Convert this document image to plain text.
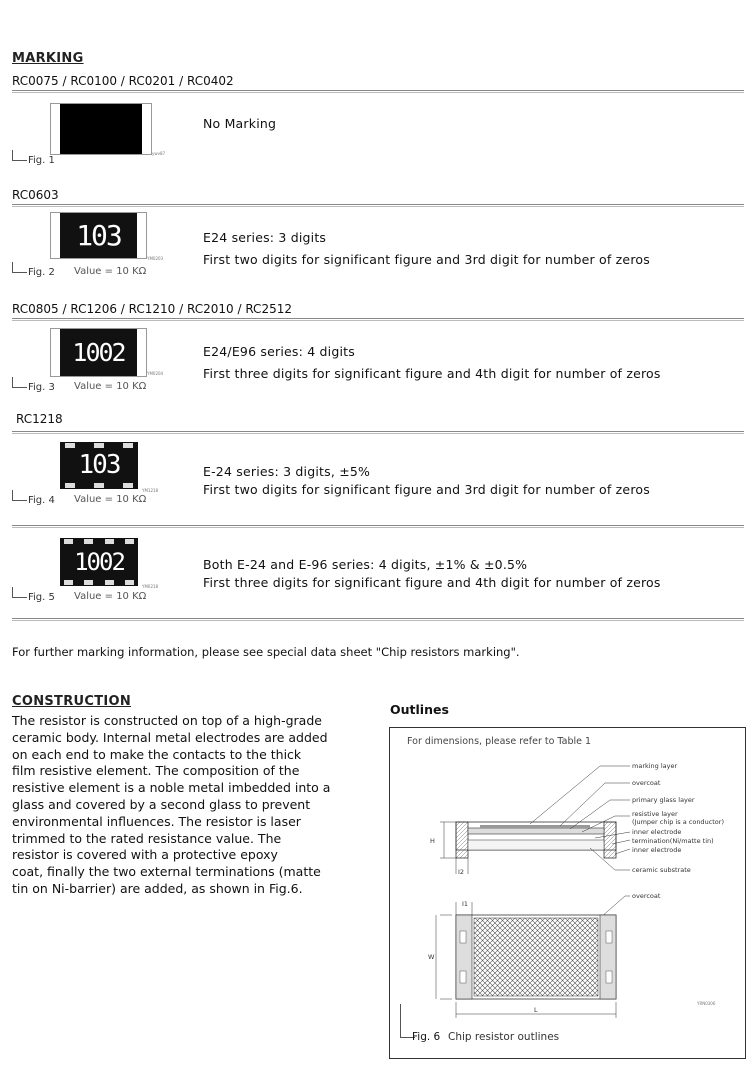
MARKING
RC0075 / RC0100 / RC0201 / RC0402
Fig. 1
ywv87
No Marking
RC0603
103
Fig. 2 Value = 10 KΩ
YM0203
E24 series: 3 digits
First two digits for significant figure and 3rd digit for number of zeros
RC0805 / RC1206 / RC1210 / RC2010 / RC2512
1002
Fig. 3 Value = 10 KΩ
YM0204
E24/E96 series: 4 digits
First three digits for significant figure and 4th digit for number of zeros
RC1218
103
Fig. 4 Value = 10 KΩ
YM1218
E-24 series: 3 digits, ±5%
First two digits for significant figure and 3rd digit for number of zeros
1002
Fig. 5 Value = 10 KΩ
YM0218
Both E-24 and E-96 series: 4 digits, ±1% & ±0.5%
First three digits for significant figure and 4th digit for number of zeros
For further marking information, please see special data sheet "Chip resistors marking".
CONSTRUCTION
The resistor is constructed on top of a high-grade
ceramic body. Internal metal electrodes are added
on each end to make the contacts to the thick
film resistive element. The composition of the
resistive element is a noble metal imbedded into a
glass and covered by a second glass to prevent
environmental influences. The resistor is laser
trimmed to the rated resistance value. The
resistor is covered with a protective epoxy
coat, finally the two external terminations (matte
tin on Ni-barrier) are added, as shown in Fig.6.
Outlines
For dimensions, please refer to Table 1
marking layer
overcoat
primary glass layer
resistive layer
(Jumper chip is a conductor)
inner electrode
termination(Ni/matte tin)
inner electrode
ceramic substrate
overcoat
H
I2
I1
W
L
YRN0306
Fig. 6 Chip resistor outlines
